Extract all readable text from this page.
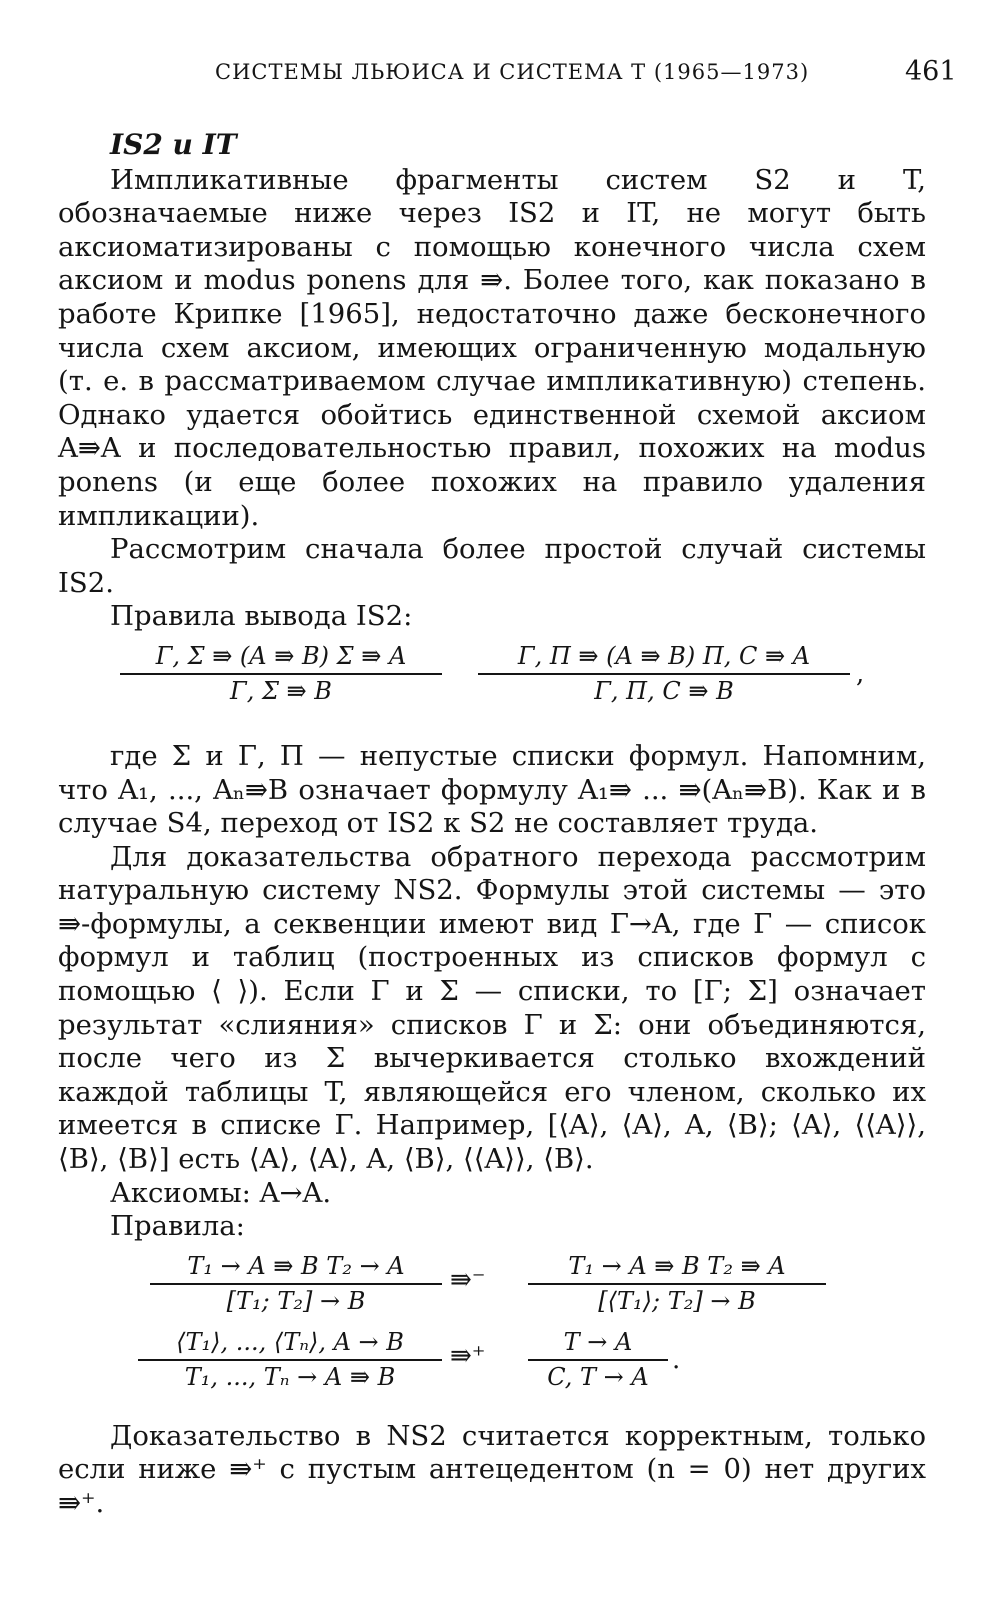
СИСТЕМЫ ЛЬЮИСА И СИСТЕМА T (1965—1973)	461
IS2 и IT

Импликативные фрагменты систем S2 и T, обозначаемые ниже через IS2 и IT, не могут быть аксиоматизированы с помощью конечного числа схем аксиом и modus ponens для ⇛. Более того, как показано в работе Крипке [1965], недостаточно даже бесконечного числа схем аксиом, имеющих ограниченную модальную (т. е. в рассматриваемом случае импликативную) степень. Однако удается обойтись единственной схемой аксиом A⇛A и последовательностью правил, похожих на modus ponens (и еще более похожих на правило удаления импликации).

Рассмотрим сначала более простой случай системы IS2.

Правила вывода IS2:

Γ, Σ ⇛ (A ⇛ B) Σ ⇛ A
Γ, Σ ⇛ B
Γ, Π ⇛ (A ⇛ B) Π, C ⇛ A
Γ, Π, C ⇛ B
,

где Σ и Γ, Π — непустые списки формул. Напомним, что A₁, ..., Aₙ⇛B означает формулу A₁⇛ ... ⇛(Aₙ⇛B). Как и в случае S4, переход от IS2 к S2 не составляет труда.

Для доказательства обратного перехода рассмотрим натуральную систему NS2. Формулы этой системы — это ⇛-формулы, а секвенции имеют вид Γ→A, где Γ — список формул и таблиц (построенных из списков формул с помощью ⟨ ⟩). Если Γ и Σ — списки, то [Γ; Σ] означает результат «слияния» списков Γ и Σ: они объединяются, после чего из Σ вычеркивается столько вхождений каждой таблицы T, являющейся его членом, сколько их имеется в списке Γ. Например, [⟨A⟩, ⟨A⟩, A, ⟨B⟩; ⟨A⟩, ⟨⟨A⟩⟩, ⟨B⟩, ⟨B⟩] есть ⟨A⟩, ⟨A⟩, A, ⟨B⟩, ⟨⟨A⟩⟩, ⟨B⟩.

Аксиомы: A→A.

Правила:

T₁ → A ⇛ B T₂ → A
[T₁; T₂] → B
⇛⁻	T₁ → A ⇛ B T₂ ⇛ A
[⟨T₁⟩; T₂] → B
⟨T₁⟩, ..., ⟨Tₙ⟩, A → B
T₁, ..., Tₙ → A ⇛ B
⇛⁺	T → A
C, T → A
.

Доказательство в NS2 считается корректным, только если ниже ⇛⁺ с пустым антецедентом (n = 0) нет других ⇛⁺.
